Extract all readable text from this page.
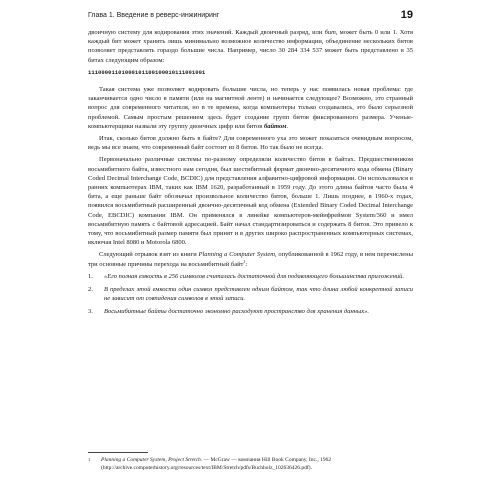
Глава 1. Введение в реверс-инжиниринг	19

двоичную систему для кодирования этих значений. Каждый двоичный разряд, или бит, может быть 0 или 1. Хотя каждый бит может хранить лишь минимально возможное количество информации, объединение нескольких битов позволяет представлять гораздо большие числа. Например, число 30 284 334 537 может быть представлено в 35 битах следующим образом:

11100001101000101100100010111001001

Такая система уже позволяет кодировать большие числа, но теперь у нас появилась новая проблема: где заканчивается одно число в памяти (или на магнитной ленте) и начинается следующее? Возможно, это странный вопрос для современного читателя, но в те времена, когда компьютеры только создавались, это было серьезной проблемой. Самым простым решением здесь будет создание групп битов фиксированного размера. Ученые-компьютерщики назвали эту группу двоичных цифр или битов байтом.

Итак, сколько битов должно быть в байте? Для современного уха это может показаться очевидным вопросом, ведь мы все знаем, что современный байт состоит из 8 битов. Но так было не всегда.

Первоначально различные системы по-разному определяли количество битов в байтах. Предшественником восьмибитного байта, известного нам сегодня, был шестибитный формат двоично-десятичного кода обмена (Binary Coded Decimal Interchange Code, BCDIC) для представления алфавитно-цифровой информации. Он использовался в ранних компьютерах IBM, таких как IBM 1620, разработанный в 1959 году. До этого длина байтов часто была 4 бита, а еще раньше байт обозначал произвольное количество битов, больше 1. Лишь позднее, в 1960-х годах, появился восьмибитный расширенный двоично-десятичный код обмена (Extended Binary Coded Decimal Interchange Code, EBCDIC) компании IBM. Он применялся в линейке компьютеров-мейнфреймов System/360 и имел восьмибитную память с байтовой адресацией. Байт начал стандартизироваться и содержать 8 битов. Это привело к тому, что восьмибитный размер памяти был принят и в других широко распространенных компьютерных системах, включая Intel 8080 и Motorola 6800.

Следующий отрывок взят из книги Planning a Computer System, опубликованной в 1962 году, в нем перечислены три основные причины перехода на восьмибитный байт$^1$:

1.	«Его полная емкость в 256 символов считалась достаточной для подавляющего большинства приложений.
2.	В пределах этой емкости один символ представлен одним байтом, так что длина любой конкретной записи не зависит от совпадения символов в этой записи.
3.	Восьмибитные байты достаточно экономно расходуют пространство для хранения данных».
1	Planning a Computer System, Project Stretch. — McGraw — компания Hill Book Company, Inc., 1962 (http://archive.computerhistory.org/resources/text/IBM/Stretch/pdfs/Buchholz_102636426.pdf).
